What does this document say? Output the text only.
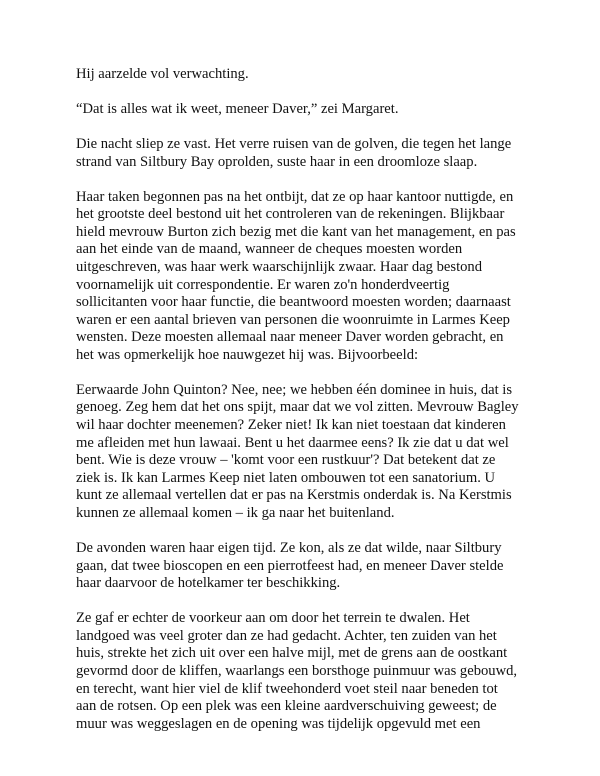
Hij aarzelde vol verwachting.
“Dat is alles wat ik weet, meneer Daver,” zei Margaret.
Die nacht sliep ze vast. Het verre ruisen van de golven, die tegen het lange
strand van Siltbury Bay oprolden, suste haar in een droomloze slaap.
Haar taken begonnen pas na het ontbijt, dat ze op haar kantoor nuttigde, en
het grootste deel bestond uit het controleren van de rekeningen. Blijkbaar
hield mevrouw Burton zich bezig met die kant van het management, en pas
aan het einde van de maand, wanneer de cheques moesten worden
uitgeschreven, was haar werk waarschijnlijk zwaar. Haar dag bestond
voornamelijk uit correspondentie. Er waren zo'n honderdveertig
sollicitanten voor haar functie, die beantwoord moesten worden; daarnaast
waren er een aantal brieven van personen die woonruimte in Larmes Keep
wensten. Deze moesten allemaal naar meneer Daver worden gebracht, en
het was opmerkelijk hoe nauwgezet hij was. Bijvoorbeeld:
Eerwaarde John Quinton? Nee, nee; we hebben één dominee in huis, dat is
genoeg. Zeg hem dat het ons spijt, maar dat we vol zitten. Mevrouw Bagley
wil haar dochter meenemen? Zeker niet! Ik kan niet toestaan dat kinderen
me afleiden met hun lawaai. Bent u het daarmee eens? Ik zie dat u dat wel
bent. Wie is deze vrouw – 'komt voor een rustkuur'? Dat betekent dat ze
ziek is. Ik kan Larmes Keep niet laten ombouwen tot een sanatorium. U
kunt ze allemaal vertellen dat er pas na Kerstmis onderdak is. Na Kerstmis
kunnen ze allemaal komen – ik ga naar het buitenland.
De avonden waren haar eigen tijd. Ze kon, als ze dat wilde, naar Siltbury
gaan, dat twee bioscopen en een pierrotfeest had, en meneer Daver stelde
haar daarvoor de hotelkamer ter beschikking.
Ze gaf er echter de voorkeur aan om door het terrein te dwalen. Het
landgoed was veel groter dan ze had gedacht. Achter, ten zuiden van het
huis, strekte het zich uit over een halve mijl, met de grens aan de oostkant
gevormd door de kliffen, waarlangs een borsthoge puinmuur was gebouwd,
en terecht, want hier viel de klif tweehonderd voet steil naar beneden tot
aan de rotsen. Op een plek was een kleine aardverschuiving geweest; de
muur was weggeslagen en de opening was tijdelijk opgevuld met een
